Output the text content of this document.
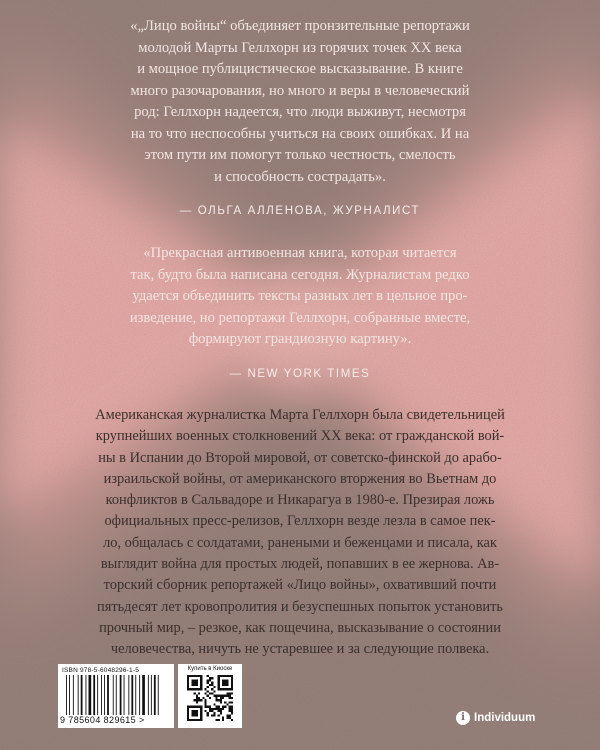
«„Лицо войны“ объединяет пронзительные репортажи
молодой Марты Геллхорн из горячих точек XX века
и мощное публицистическое высказывание. В книге
много разочарования, но много и веры в человеческий
род: Геллхорн надеется, что люди выживут, несмотря
на то что неспособны учиться на своих ошибках. И на
этом пути им помогут только честность, смелость
и способность сострадать».

— ОЛЬГА АЛЛЕНОВА, ЖУРНАЛИСТ

«Прекрасная антивоенная книга, которая читается
так, будто была написана сегодня. Журналистам редко
удается объединить тексты разных лет в цельное про-
изведение, но репортажи Геллхорн, собранные вместе,
формируют грандиозную картину».

— NEW YORK TIMES

Американская журналистка Марта Геллхорн была свидетельницей
крупнейших военных столкновений XX века: от гражданской вой-
ны в Испании до Второй мировой, от советско-финской до арабо-
израильской войны, от американского вторжения во Вьетнам до
конфликтов в Сальвадоре и Никарагуа в 1980-е. Презирая ложь
официальных пресс-релизов, Геллхорн везде лезла в самое пек-
ло, общалась с солдатами, ранеными и беженцами и писала, как
выглядит война для простых людей, попавших в ее жернова. Ав-
торский сборник репортажей «Лицо войны», охвативший почти
пятьдесят лет кровопролития и безуспешных попыток установить
прочный мир, – резкое, как пощечина, высказывание о состоянии
человечества, ничуть не устаревшее и за следующие полвека.

ISBN 978-5-6048296-1-5
9 785604 829615 >
Купить в Киоске
i Individuum
